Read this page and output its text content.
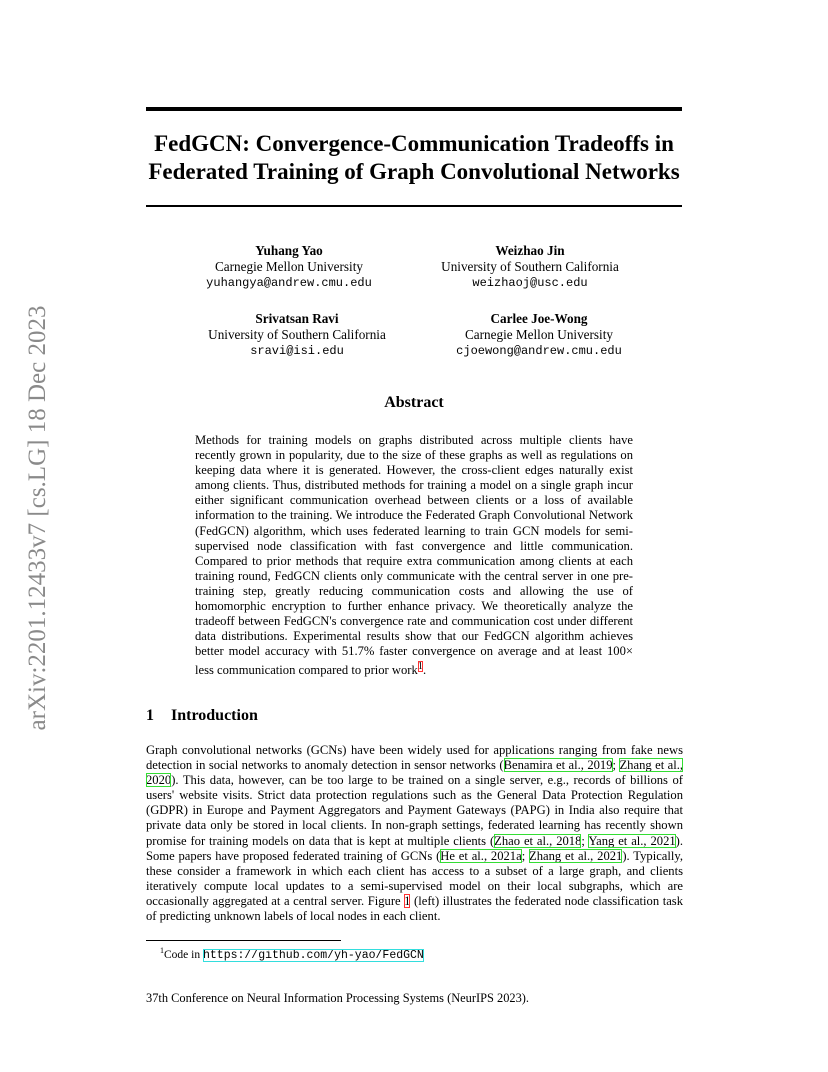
arXiv:2201.12433v7 [cs.LG] 18 Dec 2023
FedGCN: Convergence-Communication Tradeoffs in
Federated Training of Graph Convolutional Networks
Yuhang Yao
Carnegie Mellon University
yuhangya@andrew.cmu.edu
Weizhao Jin
University of Southern California
weizhaoj@usc.edu
Srivatsan Ravi
University of Southern California
sravi@isi.edu
Carlee Joe-Wong
Carnegie Mellon University
cjoewong@andrew.cmu.edu
Abstract
Methods for training models on graphs distributed across multiple clients have recently grown in popularity, due to the size of these graphs as well as regulations on keeping data where it is generated. However, the cross-client edges naturally exist among clients. Thus, distributed methods for training a model on a single graph incur either significant communication overhead between clients or a loss of available information to the training. We introduce the Federated Graph Convolutional Network (FedGCN) algorithm, which uses federated learning to train GCN models for semi-supervised node classification with fast convergence and little communication. Compared to prior methods that require extra communication among clients at each training round, FedGCN clients only communicate with the central server in one pre-training step, greatly reducing communication costs and allowing the use of homomorphic encryption to further enhance privacy. We theoretically analyze the tradeoff between FedGCN's convergence rate and communication cost under different data distributions. Experimental results show that our FedGCN algorithm achieves better model accuracy with 51.7% faster convergence on average and at least 100× less communication compared to prior work$^1$.
1 Introduction
Graph convolutional networks (GCNs) have been widely used for applications ranging from fake news detection in social networks to anomaly detection in sensor networks (Benamira et al., 2019; Zhang et al., 2020). This data, however, can be too large to be trained on a single server, e.g., records of billions of users' website visits. Strict data protection regulations such as the General Data Protection Regulation (GDPR) in Europe and Payment Aggregators and Payment Gateways (PAPG) in India also require that private data only be stored in local clients. In non-graph settings, federated learning has recently shown promise for training models on data that is kept at multiple clients (Zhao et al., 2018; Yang et al., 2021). Some papers have proposed federated training of GCNs (He et al., 2021a; Zhang et al., 2021). Typically, these consider a framework in which each client has access to a subset of a large graph, and clients iteratively compute local updates to a semi-supervised model on their local subgraphs, which are occasionally aggregated at a central server. Figure 1 (left) illustrates the federated node classification task of predicting unknown labels of local nodes in each client.
$^1$Code in https://github.com/yh-yao/FedGCN
37th Conference on Neural Information Processing Systems (NeurIPS 2023).
